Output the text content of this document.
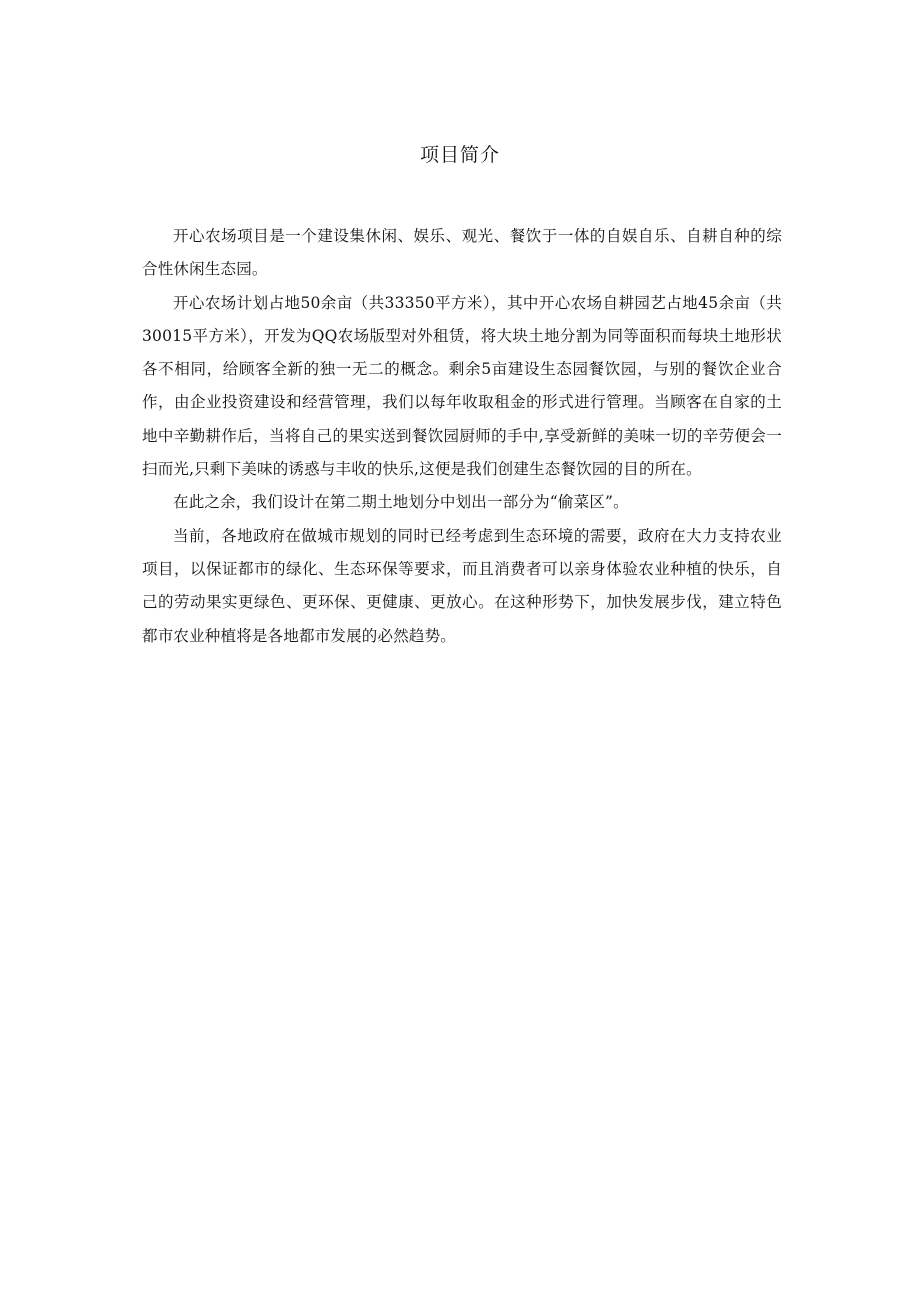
项目简介

开心农场项目是一个建设集休闲、娱乐、观光、餐饮于一体的自娱自乐、自耕自种的综合性休闲生态园。

开心农场计划占地50余亩（共33350平方米），其中开心农场自耕园艺占地45余亩（共30015平方米），开发为QQ农场版型对外租赁，将大块土地分割为同等面积而每块土地形状各不相同，给顾客全新的独一无二的概念。剩余5亩建设生态园餐饮园，与别的餐饮企业合作，由企业投资建设和经营管理，我们以每年收取租金的形式进行管理。当顾客在自家的土地中辛勤耕作后，当将自己的果实送到餐饮园厨师的手中,享受新鲜的美味一切的辛劳便会一扫而光,只剩下美味的诱惑与丰收的快乐,这便是我们创建生态餐饮园的目的所在。

在此之余，我们设计在第二期土地划分中划出一部分为“偷菜区”。

当前，各地政府在做城市规划的同时已经考虑到生态环境的需要，政府在大力支持农业项目，以保证都市的绿化、生态环保等要求，而且消费者可以亲身体验农业种植的快乐，自己的劳动果实更绿色、更环保、更健康、更放心。在这种形势下，加快发展步伐，建立特色都市农业种植将是各地都市发展的必然趋势。
